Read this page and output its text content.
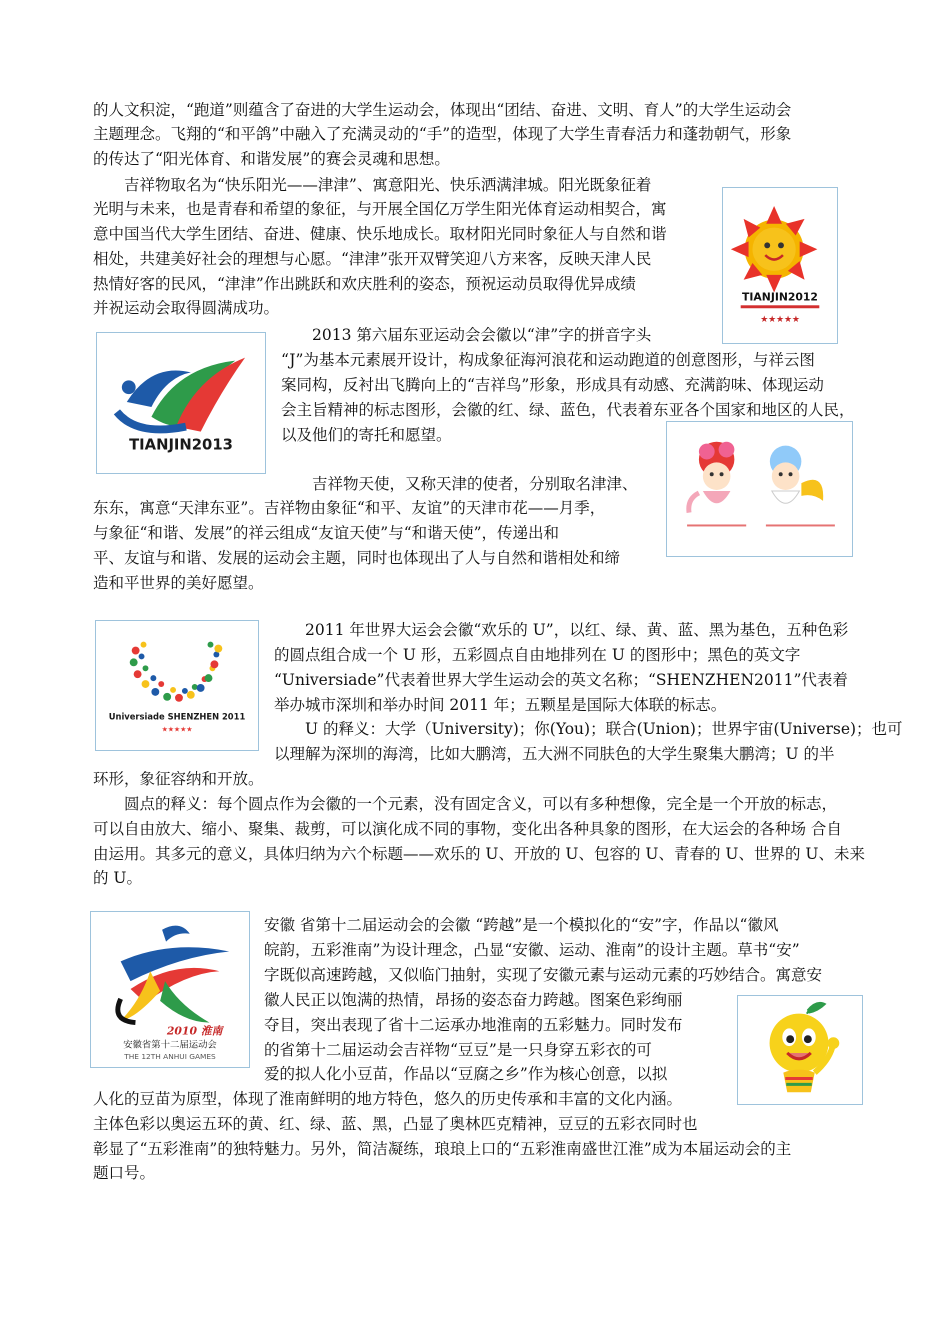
的人文积淀，“跑道”则蕴含了奋进的大学生运动会，体现出“团结、奋进、文明、育人”的大学生运动会
主题理念。飞翔的“和平鸽”中融入了充满灵动的“手”的造型，体现了大学生青春活力和蓬勃朝气，形象
的传达了“阳光体育、和谐发展”的赛会灵魂和思想。
吉祥物取名为“快乐阳光——津津”、寓意阳光、快乐洒满津城。阳光既象征着
光明与未来，也是青春和希望的象征，与开展全国亿万学生阳光体育运动相契合，寓
意中国当代大学生团结、奋进、健康、快乐地成长。取材阳光同时象征人与自然和谐
相处，共建美好社会的理想与心愿。“津津”张开双臂笑迎八方来客，反映天津人民
热情好客的民风，“津津”作出跳跃和欢庆胜利的姿态，预祝运动员取得优异成绩
并祝运动会取得圆满成功。
TIANJIN2012
★★★★★
TIANJIN2013
2013 第六届东亚运动会会徽以“津”字的拼音字头
“J”为基本元素展开设计，构成象征海河浪花和运动跑道的创意图形，与祥云图
案同构，反衬出飞腾向上的“吉祥鸟”形象，形成具有动感、充满韵味、体现运动
会主旨精神的标志图形，会徽的红、绿、蓝色，代表着东亚各个国家和地区的人民，
以及他们的寄托和愿望。
吉祥物天使，又称天津的使者，分别取名津津、
东东，寓意“天津东亚”。吉祥物由象征“和平、友谊”的天津市花——月季，
与象征“和谐、发展”的祥云组成“友谊天使”与“和谐天使”，传递出和
平、友谊与和谐、发展的运动会主题，同时也体现出了人与自然和谐相处和缔
造和平世界的美好愿望。
Universiade SHENZHEN 2011
★★★★★
2011 年世界大运会会徽“欢乐的 U”，以红、绿、黄、蓝、黑为基色，五种色彩
的圆点组合成一个 U 形，五彩圆点自由地排列在 U 的图形中；黑色的英文字
“Universiade”代表着世界大学生运动会的英文名称；“SHENZHEN2011”代表着
举办城市深圳和举办时间 2011 年；五颗星是国际大体联的标志。
U 的释义：大学（University)；你(You)；联合(Union)；世界宇宙(Universe)；也可
以理解为深圳的海湾，比如大鹏湾，五大洲不同肤色的大学生聚集大鹏湾；U 的半
环形，象征容纳和开放。
圆点的释义：每个圆点作为会徽的一个元素，没有固定含义，可以有多种想像，完全是一个开放的标志，
可以自由放大、缩小、聚集、裁剪，可以演化成不同的事物，变化出各种具象的图形，在大运会的各种场 合自
由运用。其多元的意义，具体归纳为六个标题——欢乐的 U、开放的 U、包容的 U、青春的 U、世界的 U、未来
的 U。
2010 淮南
安徽省第十二届运动会
THE 12TH ANHUI GAMES
安徽 省第十二届运动会的会徽 “跨越”是一个模拟化的“安”字，作品以“徽风
皖韵，五彩淮南”为设计理念，凸显“安徽、运动、淮南”的设计主题。草书“安”
字既似高速跨越，又似临门抽射，实现了安徽元素与运动元素的巧妙结合。寓意安
徽人民正以饱满的热情，昂扬的姿态奋力跨越。图案色彩绚丽
夺目，突出表现了省十二运承办地淮南的五彩魅力。同时发布
的省第十二届运动会吉祥物“豆豆”是一只身穿五彩衣的可
爱的拟人化小豆苗，作品以“豆腐之乡”作为核心创意，以拟
人化的豆苗为原型，体现了淮南鲜明的地方特色，悠久的历史传承和丰富的文化内涵。
主体色彩以奥运五环的黄、红、绿、蓝、黑，凸显了奥林匹克精神，豆豆的五彩衣同时也
彰显了“五彩淮南”的独特魅力。另外，简洁凝练，琅琅上口的“五彩淮南盛世江淮”成为本届运动会的主
题口号。
